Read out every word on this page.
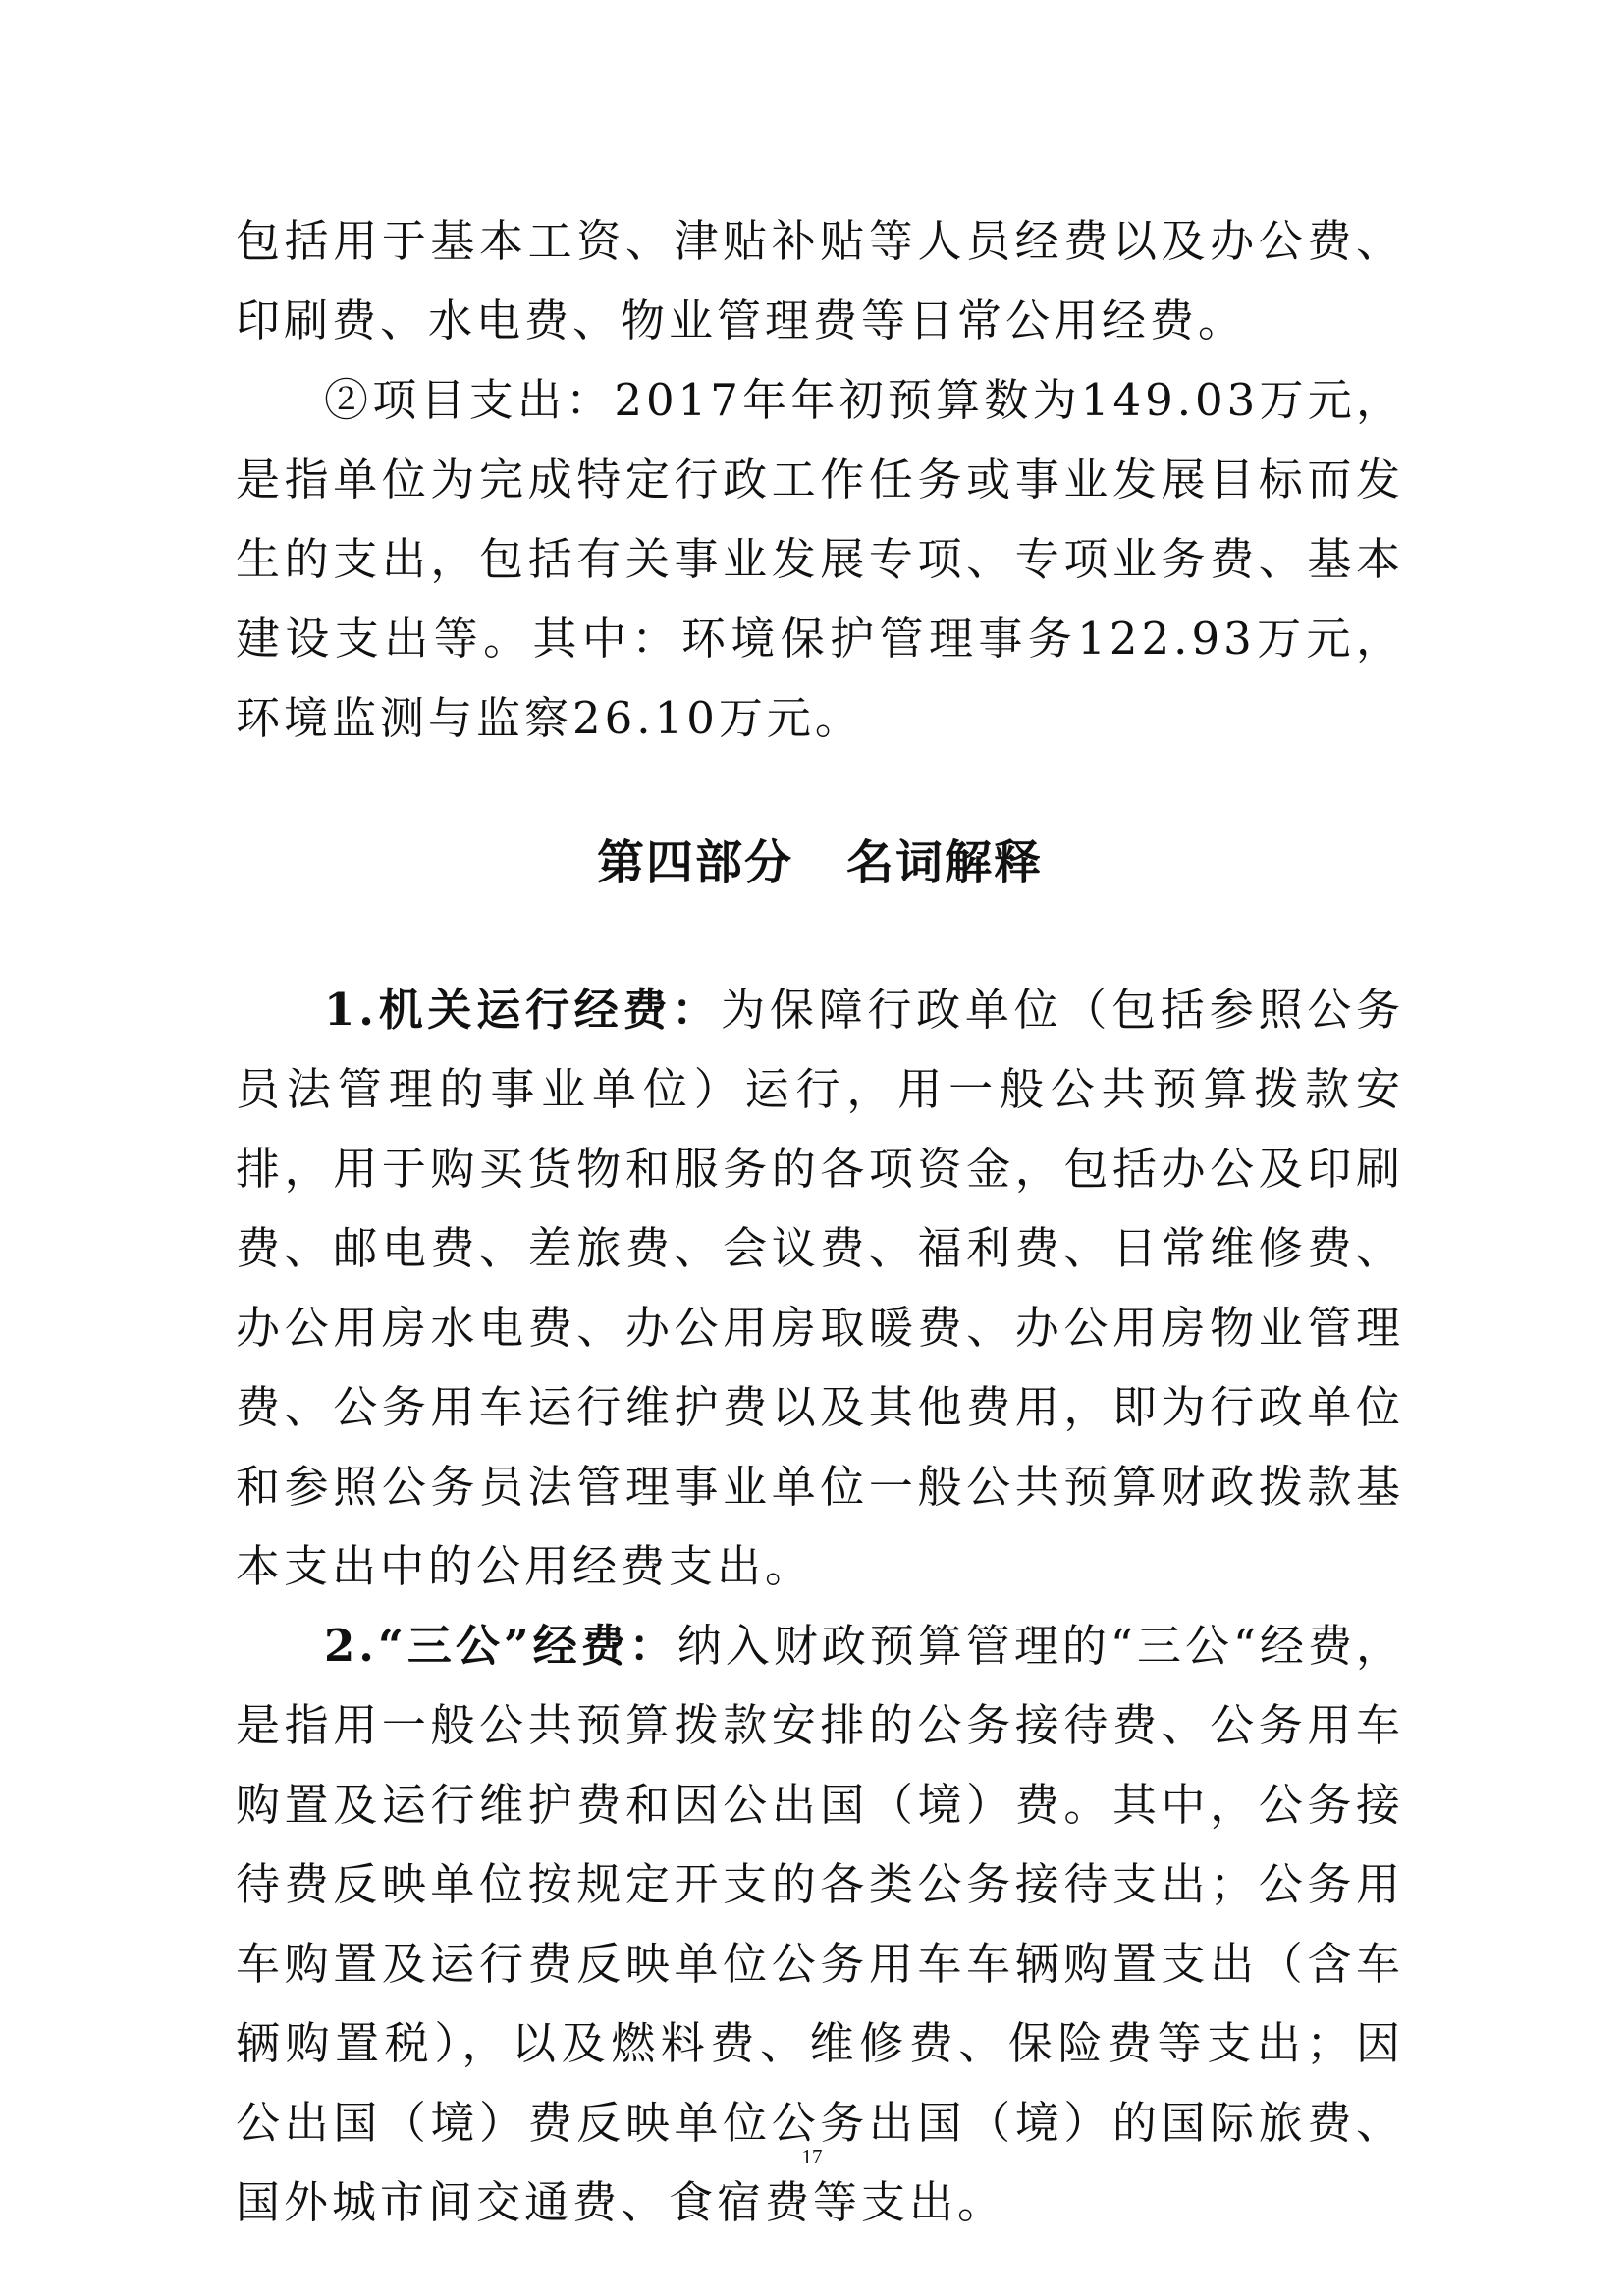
包括用于基本工资、津贴补贴等人员经费以及办公费、印刷费、水电费、物业管理费等日常公用经费。

②项目支出：2017年年初预算数为149.03万元，是指单位为完成特定行政工作任务或事业发展目标而发生的支出，包括有关事业发展专项、专项业务费、基本建设支出等。其中：环境保护管理事务122.93万元，环境监测与监察26.10万元。

第四部分 名词解释

1.机关运行经费：为保障行政单位（包括参照公务员法管理的事业单位）运行，用一般公共预算拨款安排，用于购买货物和服务的各项资金，包括办公及印刷费、邮电费、差旅费、会议费、福利费、日常维修费、办公用房水电费、办公用房取暖费、办公用房物业管理费、公务用车运行维护费以及其他费用，即为行政单位和参照公务员法管理事业单位一般公共预算财政拨款基本支出中的公用经费支出。

2.“三公”经费：纳入财政预算管理的“三公“经费，是指用一般公共预算拨款安排的公务接待费、公务用车购置及运行维护费和因公出国（境）费。其中，公务接待费反映单位按规定开支的各类公务接待支出；公务用车购置及运行费反映单位公务用车车辆购置支出（含车辆购置税），以及燃料费、维修费、保险费等支出；因公出国（境）费反映单位公务出国（境）的国际旅费、国外城市间交通费、食宿费等支出。

17
